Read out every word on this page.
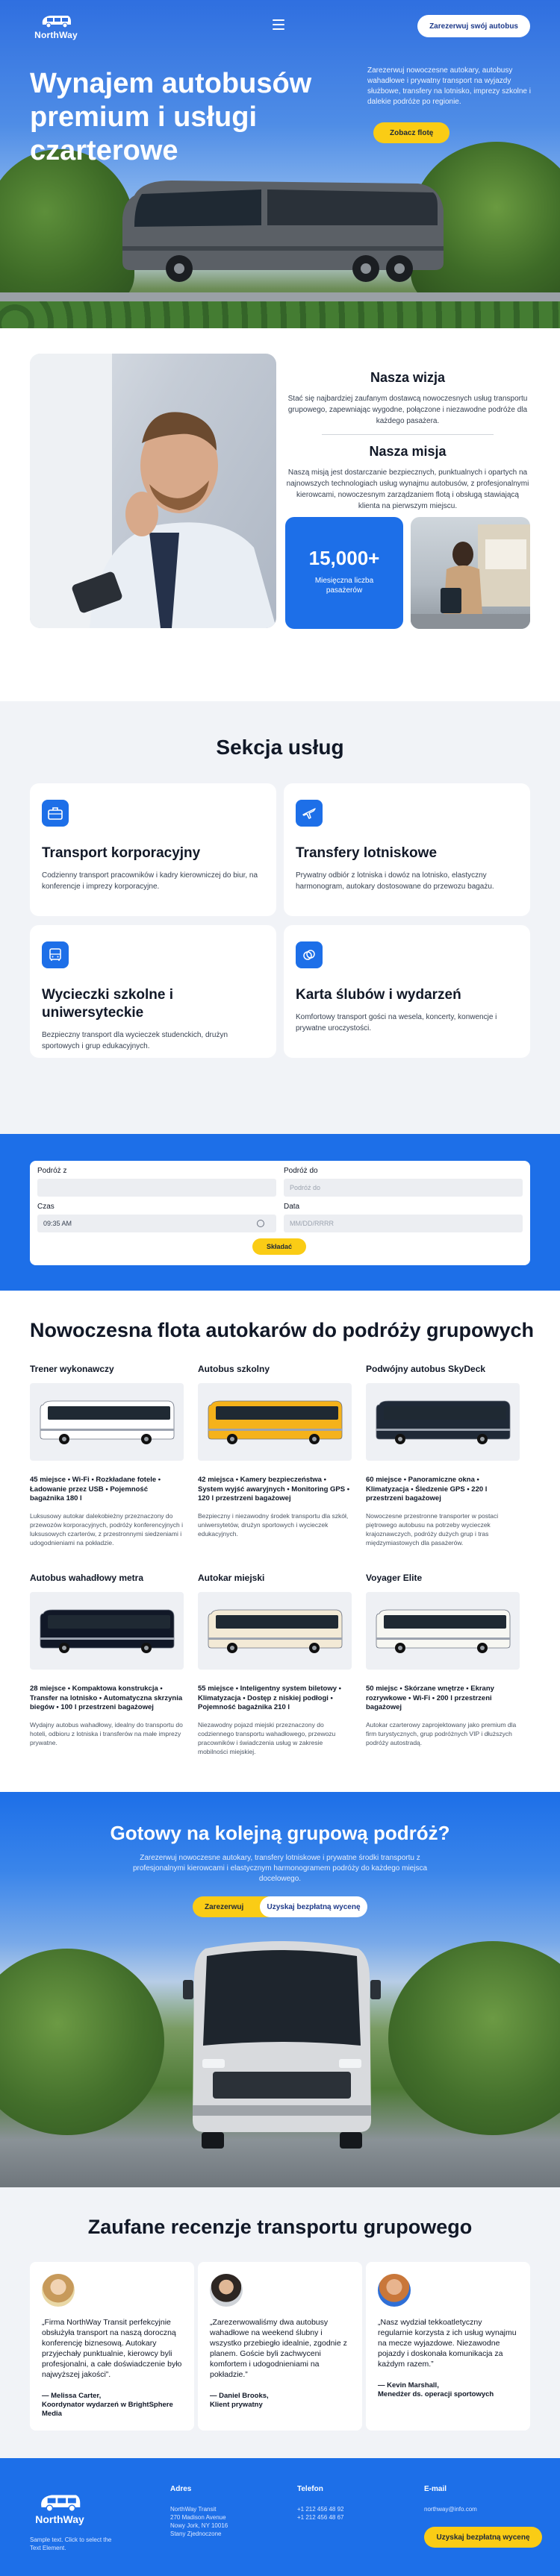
NorthWay
Zarezerwuj swój autobus
Wynajem autobusów premium i usługi czarterowe

Zarezerwuj nowoczesne autokary, autobusy wahadłowe i prywatny transport na wyjazdy służbowe, transfery na lotnisko, imprezy szkolne i dalekie podróże po regionie.

Zobacz flotę
Nasza wizja

Stać się najbardziej zaufanym dostawcą nowoczesnych usług transportu grupowego, zapewniając wygodne, połączone i niezawodne podróże dla każdego pasażera.

Nasza misja

Naszą misją jest dostarczanie bezpiecznych, punktualnych i opartych na najnowszych technologiach usług wynajmu autobusów, z profesjonalnymi kierowcami, nowoczesnym zarządzaniem flotą i obsługą stawiającą klienta na pierwszym miejscu.

15,000+
Miesięczna liczba pasażerów
Sekcja usług
Transport korporacyjny
Codzienny transport pracowników i kadry kierowniczej do biur, na konferencje i imprezy korporacyjne.
Transfery lotniskowe
Prywatny odbiór z lotniska i dowóz na lotnisko, elastyczny harmonogram, autokary dostosowane do przewozu bagażu.
Wycieczki szkolne i uniwersyteckie
Bezpieczny transport dla wycieczek studenckich, drużyn sportowych i grup edukacyjnych.
Karta ślubów i wydarzeń
Komfortowy transport gości na wesela, koncerty, konwencje i prywatne uroczystości.
Podróż z	Podróż do
Podróż do
Czas
09:35 AM	Data
MM/DD/RRRR
Składać
Nowoczesna flota autokarów do podróży grupowych
Trener wykonawczy
45 miejsce • Wi-Fi • Rozkładane fotele • Ładowanie przez USB • Pojemność bagażnika 180 l
Luksusowy autokar dalekobieżny przeznaczony do przewozów korporacyjnych, podróży konferencyjnych i luksusowych czarterów, z przestronnymi siedzeniami i udogodnieniami na pokładzie.
Autobus szkolny
42 miejsca • Kamery bezpieczeństwa • System wyjść awaryjnych • Monitoring GPS • 120 l przestrzeni bagażowej
Bezpieczny i niezawodny środek transportu dla szkół, uniwersytetów, drużyn sportowych i wycieczek edukacyjnych.
Podwójny autobus SkyDeck
60 miejsce • Panoramiczne okna • Klimatyzacja • Śledzenie GPS • 220 l przestrzeni bagażowej
Nowoczesne przestronne transporter w postaci piętrowego autobusu na potrzeby wycieczek krajoznawczych, podróży dużych grup i tras międzymiastowych dla pasażerów.
Autobus wahadłowy metra
28 miejsce • Kompaktowa konstrukcja • Transfer na lotnisko • Automatyczna skrzynia biegów • 100 l przestrzeni bagażowej
Wydajny autobus wahadłowy, idealny do transportu do hoteli, odbioru z lotniska i transferów na małe imprezy prywatne.
Autokar miejski
55 miejsce • Inteligentny system biletowy • Klimatyzacja • Dostęp z niskiej podłogi • Pojemność bagażnika 210 l
Niezawodny pojazd miejski przeznaczony do codziennego transportu wahadłowego, przewozu pracowników i świadczenia usług w zakresie mobilności miejskiej.
Voyager Elite
50 miejsc • Skórzane wnętrze • Ekrany rozrywkowe • Wi-Fi • 200 l przestrzeni bagażowej
Autokar czarterowy zaprojektowany jako premium dla firm turystycznych, grup podróżnych VIP i dłuższych podróży autostradą.
Gotowy na kolejną grupową podróż?

Zarezerwuj nowoczesne autokary, transfery lotniskowe i prywatne środki transportu z profesjonalnymi kierowcami i elastycznym harmonogramem podróży do każdego miejsca docelowego.

Zarezerwuj	Uzyskaj bezpłatną wycenę
Zaufane recenzje transportu grupowego

„Firma NorthWay Transit perfekcyjnie obsłużyła transport na naszą doroczną konferencję biznesową. Autokary przyjechały punktualnie, kierowcy byli profesjonalni, a całe doświadczenie było najwyższej jakości”.

— Melissa Carter,
Koordynator wydarzeń w BrightSphere Media

„Zarezerwowaliśmy dwa autobusy wahadłowe na weekend ślubny i wszystko przebiegło idealnie, zgodnie z planem. Goście byli zachwyceni komfortem i udogodnieniami na pokładzie.”

— Daniel Brooks,
Klient prywatny

„Nasz wydział tekkoatletyczny regularnie korzysta z ich usług wynajmu na mecze wyjazdowe. Niezawodne pojazdy i doskonała komunikacja za każdym razem.”

— Kevin Marshall,
Menedżer ds. operacji sportowych

NorthWay

Sample text. Click to select the Text Element.

Adres
NorthWay Transit
270 Madison Avenue
Nowy Jork, NY 10016
Stany Zjednoczone
Telefon
+1 212 456 48 92
+1 212 456 48 67
E-mail
northway@info.com
Uzyskaj bezpłatną wycenę
